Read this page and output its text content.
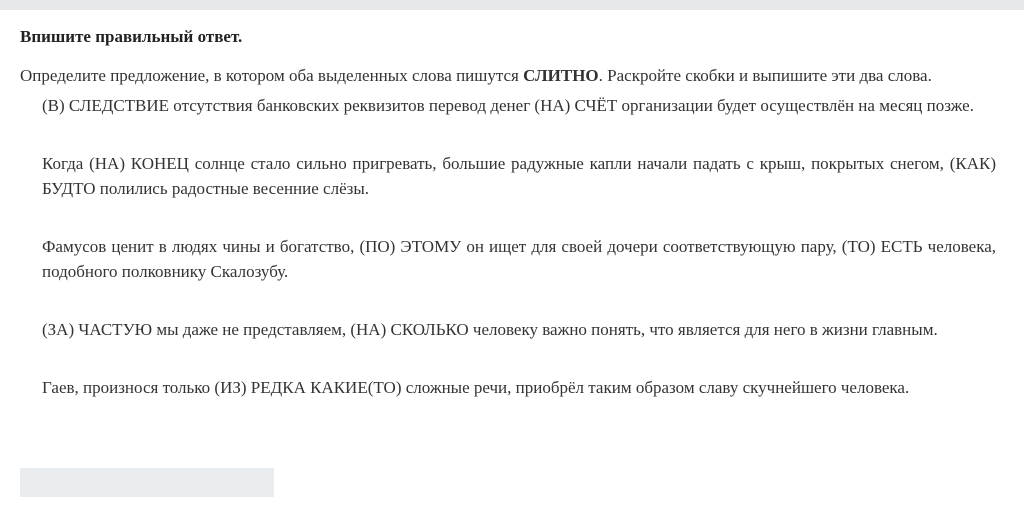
Впишите правильный ответ.

Определите предложение, в котором оба выделенных слова пишутся СЛИТНО. Раскройте скобки и выпишите эти два слова.

(В) СЛЕДСТВИЕ отсутствия банковских реквизитов перевод денег (НА) СЧЁТ организации будет осуществлён на месяц позже.

Когда (НА) КОНЕЦ солнце стало сильно пригревать, большие радужные капли начали падать с крыш, покрытых снегом, (КАК) БУДТО полились радостные весенние слёзы.

Фамусов ценит в людях чины и богатство, (ПО) ЭТОМУ он ищет для своей дочери соответствующую пару, (ТО) ЕСТЬ человека, подобного полковнику Скалозубу.

(ЗА) ЧАСТУЮ мы даже не представляем, (НА) СКОЛЬКО человеку важно понять, что является для него в жизни главным.

Гаев, произнося только (ИЗ) РЕДКА КАКИЕ(ТО) сложные речи, приобрёл таким образом славу скучнейшего человека.
